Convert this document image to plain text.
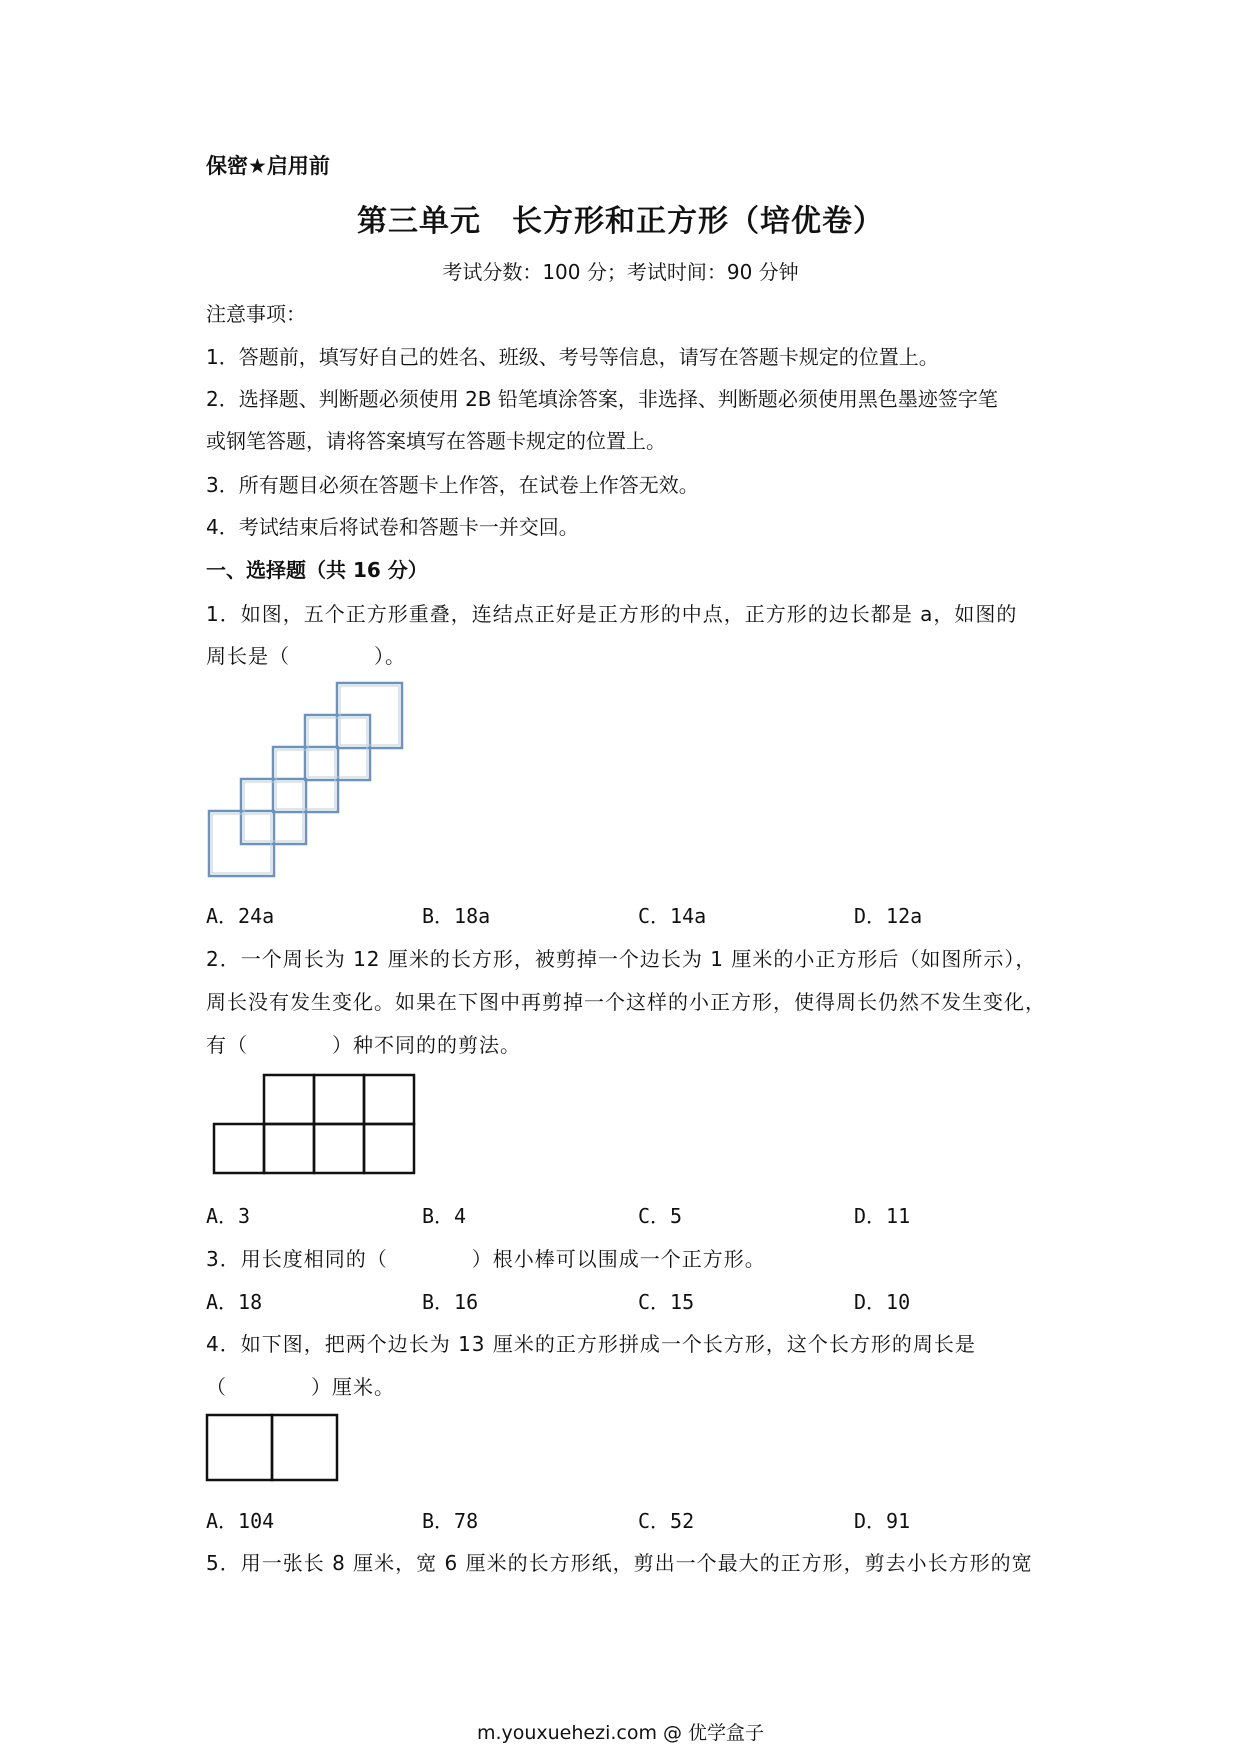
保密★启用前
第三单元　长方形和正方形（培优卷）
考试分数：100 分；考试时间：90 分钟
注意事项：
1．答题前，填写好自己的姓名、班级、考号等信息，请写在答题卡规定的位置上。
2．选择题、判断题必须使用 2B 铅笔填涂答案，非选择、判断题必须使用黑色墨迹签字笔
或钢笔答题，请将答案填写在答题卡规定的位置上。
3．所有题目必须在答题卡上作答，在试卷上作答无效。
4．考试结束后将试卷和答题卡一并交回。
一、选择题（共 16 分）
1．如图，五个正方形重叠，连结点正好是正方形的中点，正方形的边长都是 a，如图的
周长是（　　　　）。
A．24a	B．18a	C．14a	D．12a
2．一个周长为 12 厘米的长方形，被剪掉一个边长为 1 厘米的小正方形后（如图所示），
周长没有发生变化。如果在下图中再剪掉一个这样的小正方形，使得周长仍然不发生变化，
有（　　　　）种不同的的剪法。
A．3	B．4	C．5	D．11
3．用长度相同的（　　　　）根小棒可以围成一个正方形。
A．18	B．16	C．15	D．10
4．如下图，把两个边长为 13 厘米的正方形拼成一个长方形，这个长方形的周长是
（　　　　）厘米。
A．104	B．78	C．52	D．91
5．用一张长 8 厘米，宽 6 厘米的长方形纸，剪出一个最大的正方形，剪去小长方形的宽
m.youxuehezi.com @ 优学盒子
